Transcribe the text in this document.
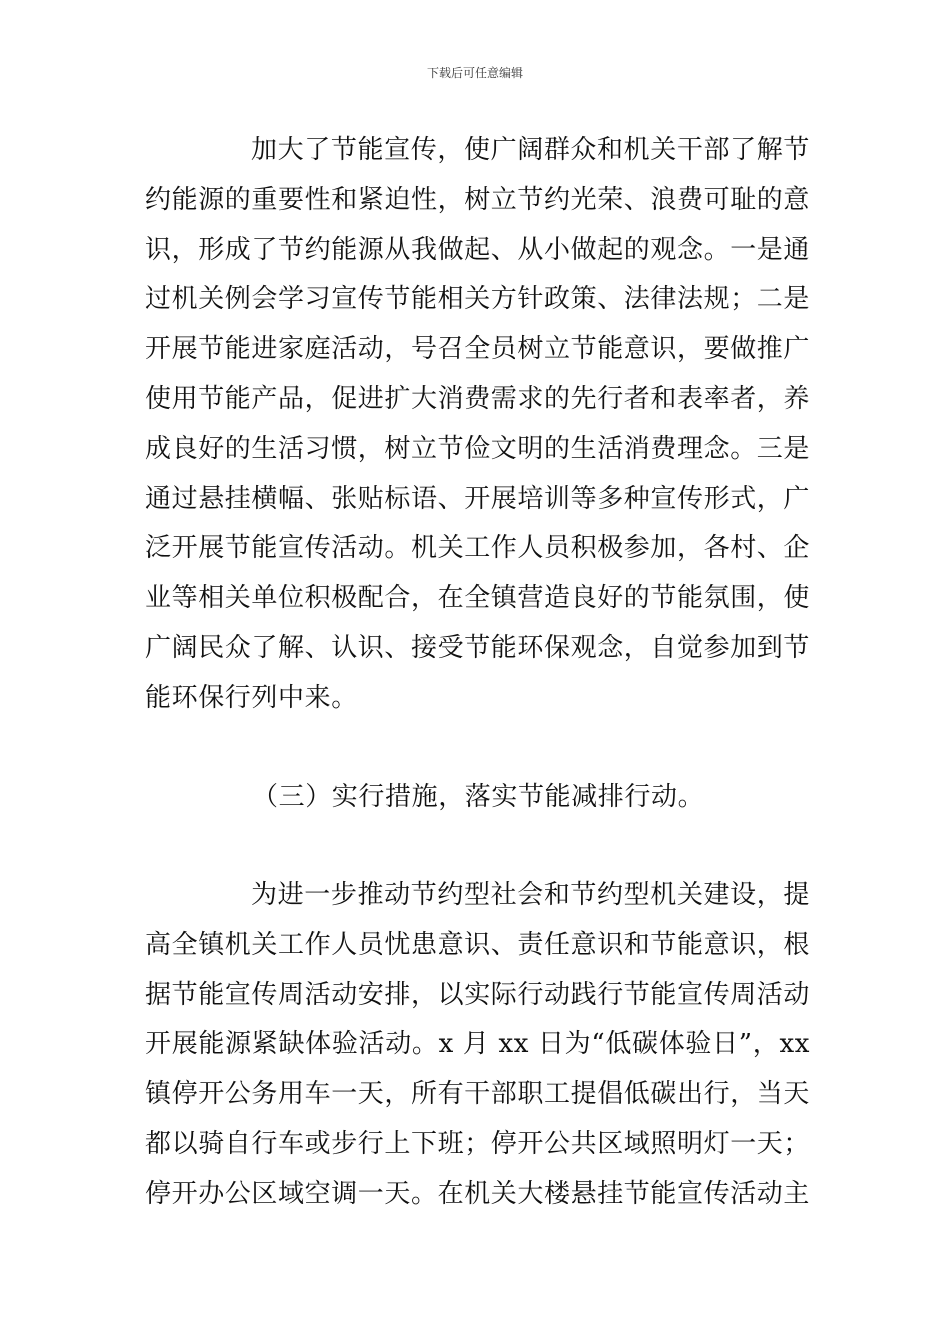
下载后可任意编辑

加大了节能宣传，使广阔群众和机关干部了解节约能源的重要性和紧迫性，树立节约光荣、浪费可耻的意识，形成了节约能源从我做起、从小做起的观念。一是通过机关例会学习宣传节能相关方针政策、法律法规；二是开展节能进家庭活动，号召全员树立节能意识，要做推广使用节能产品，促进扩大消费需求的先行者和表率者，养成良好的生活习惯，树立节俭文明的生活消费理念。三是通过悬挂横幅、张贴标语、开展培训等多种宣传形式，广泛开展节能宣传活动。机关工作人员积极参加，各村、企业等相关单位积极配合，在全镇营造良好的节能氛围，使广阔民众了解、认识、接受节能环保观念，自觉参加到节能环保行列中来。

（三）实行措施，落实节能减排行动。

为进一步推动节约型社会和节约型机关建设，提高全镇机关工作人员忧患意识、责任意识和节能意识，根据节能宣传周活动安排，以实际行动践行节能宣传周活动开展能源紧缺体验活动。x 月 xx 日为“低碳体验日”，xx 镇停开公务用车一天，所有干部职工提倡低碳出行，当天都以骑自行车或步行上下班；停开公共区域照明灯一天；停开办公区域空调一天。在机关大楼悬挂节能宣传活动主
